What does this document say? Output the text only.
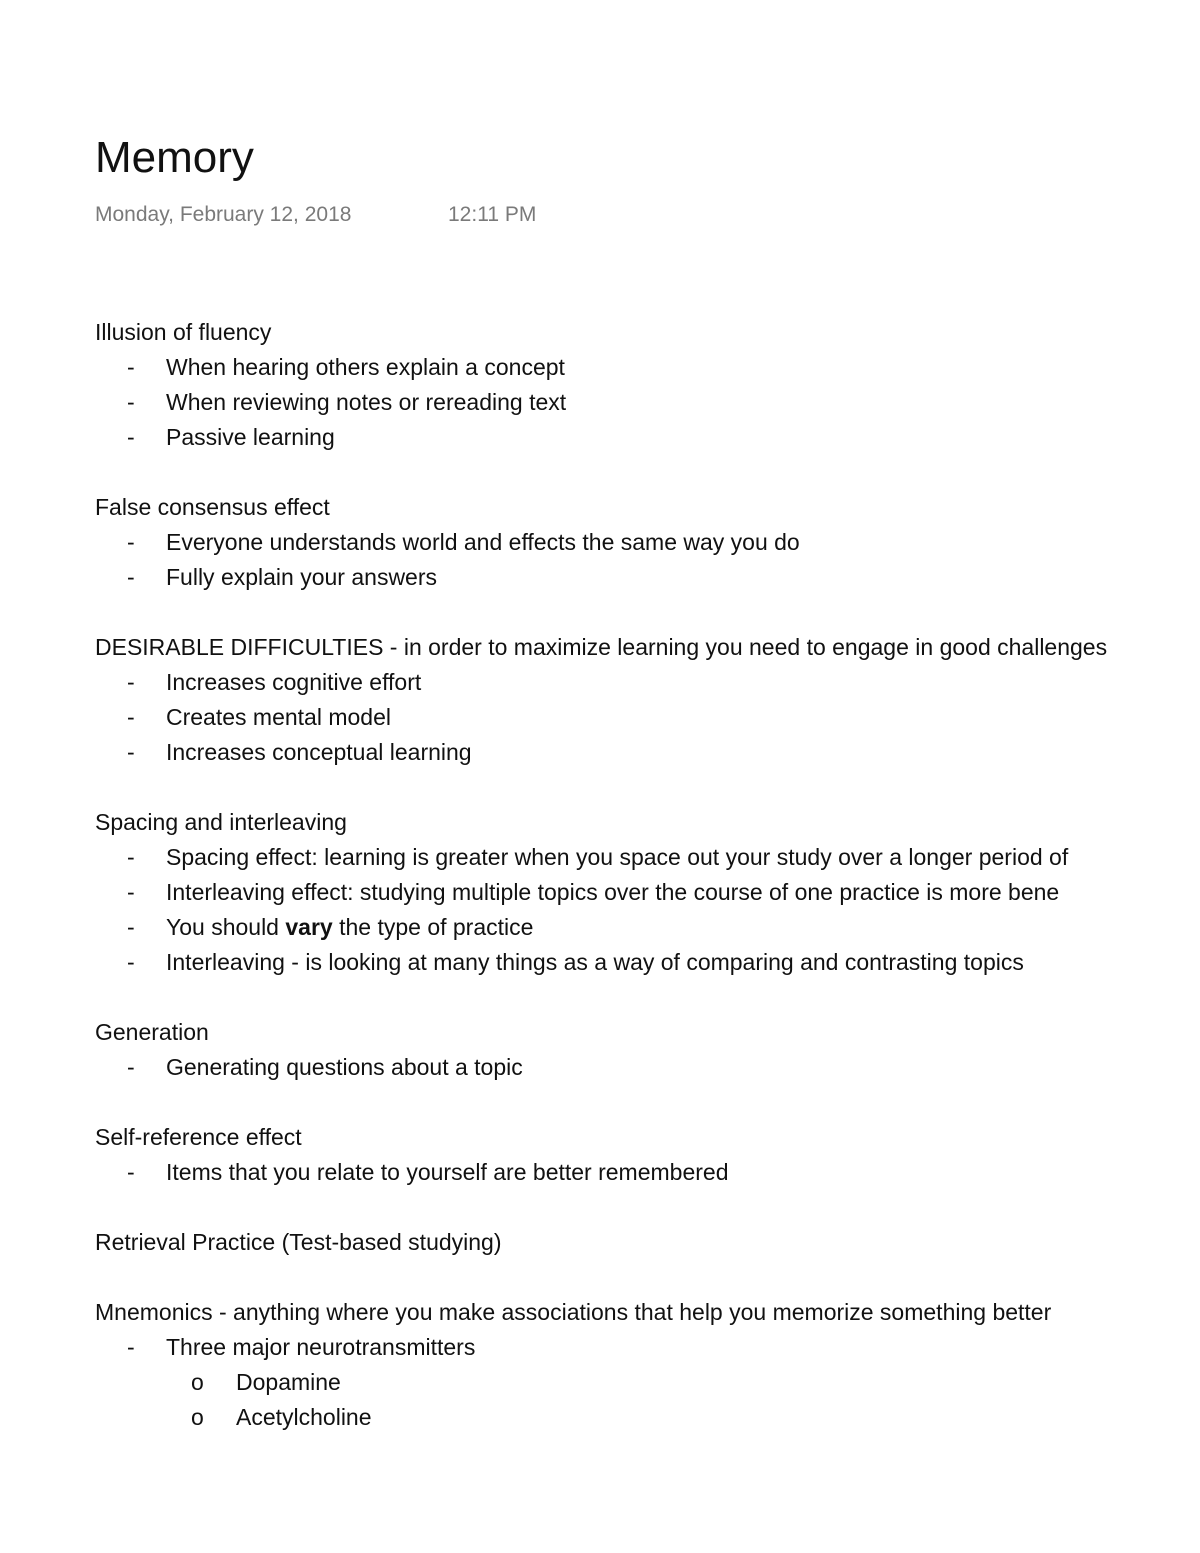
Memory
Monday, February 12, 2018	12:11 PM
Illusion of fluency
- When hearing others explain a concept
- When reviewing notes or rereading text
- Passive learning
False consensus effect
- Everyone understands world and effects the same way you do
- Fully explain your answers
DESIRABLE DIFFICULTIES - in order to maximize learning you need to engage in good challenges
- Increases cognitive effort
- Creates mental model
- Increases conceptual learning
Spacing and interleaving
- Spacing effect: learning is greater when you space out your study over a longer period of
- Interleaving effect: studying multiple topics over the course of one practice is more bene
- You should vary the type of practice
- Interleaving - is looking at many things as a way of comparing and contrasting topics
Generation
- Generating questions about a topic
Self-reference effect
- Items that you relate to yourself are better remembered
Retrieval Practice (Test-based studying)
Mnemonics - anything where you make associations that help you memorize something better
- Three major neurotransmitters
o Dopamine
o Acetylcholine
